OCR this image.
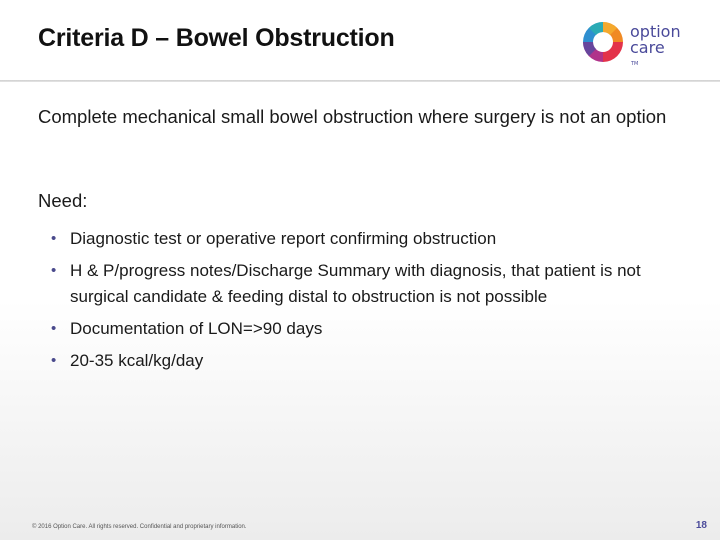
Criteria D – Bowel Obstruction	option
care
TM
Complete mechanical small bowel obstruction where surgery is not an option
Need:
• Diagnostic test or operative report confirming obstruction
• H & P/progress notes/Discharge Summary with diagnosis, that patient is not surgical candidate & feeding distal to obstruction is not possible
• Documentation of LON=>90 days
• 20-35 kcal/kg/day
© 2016 Option Care. All rights reserved. Confidential and proprietary information.	18
